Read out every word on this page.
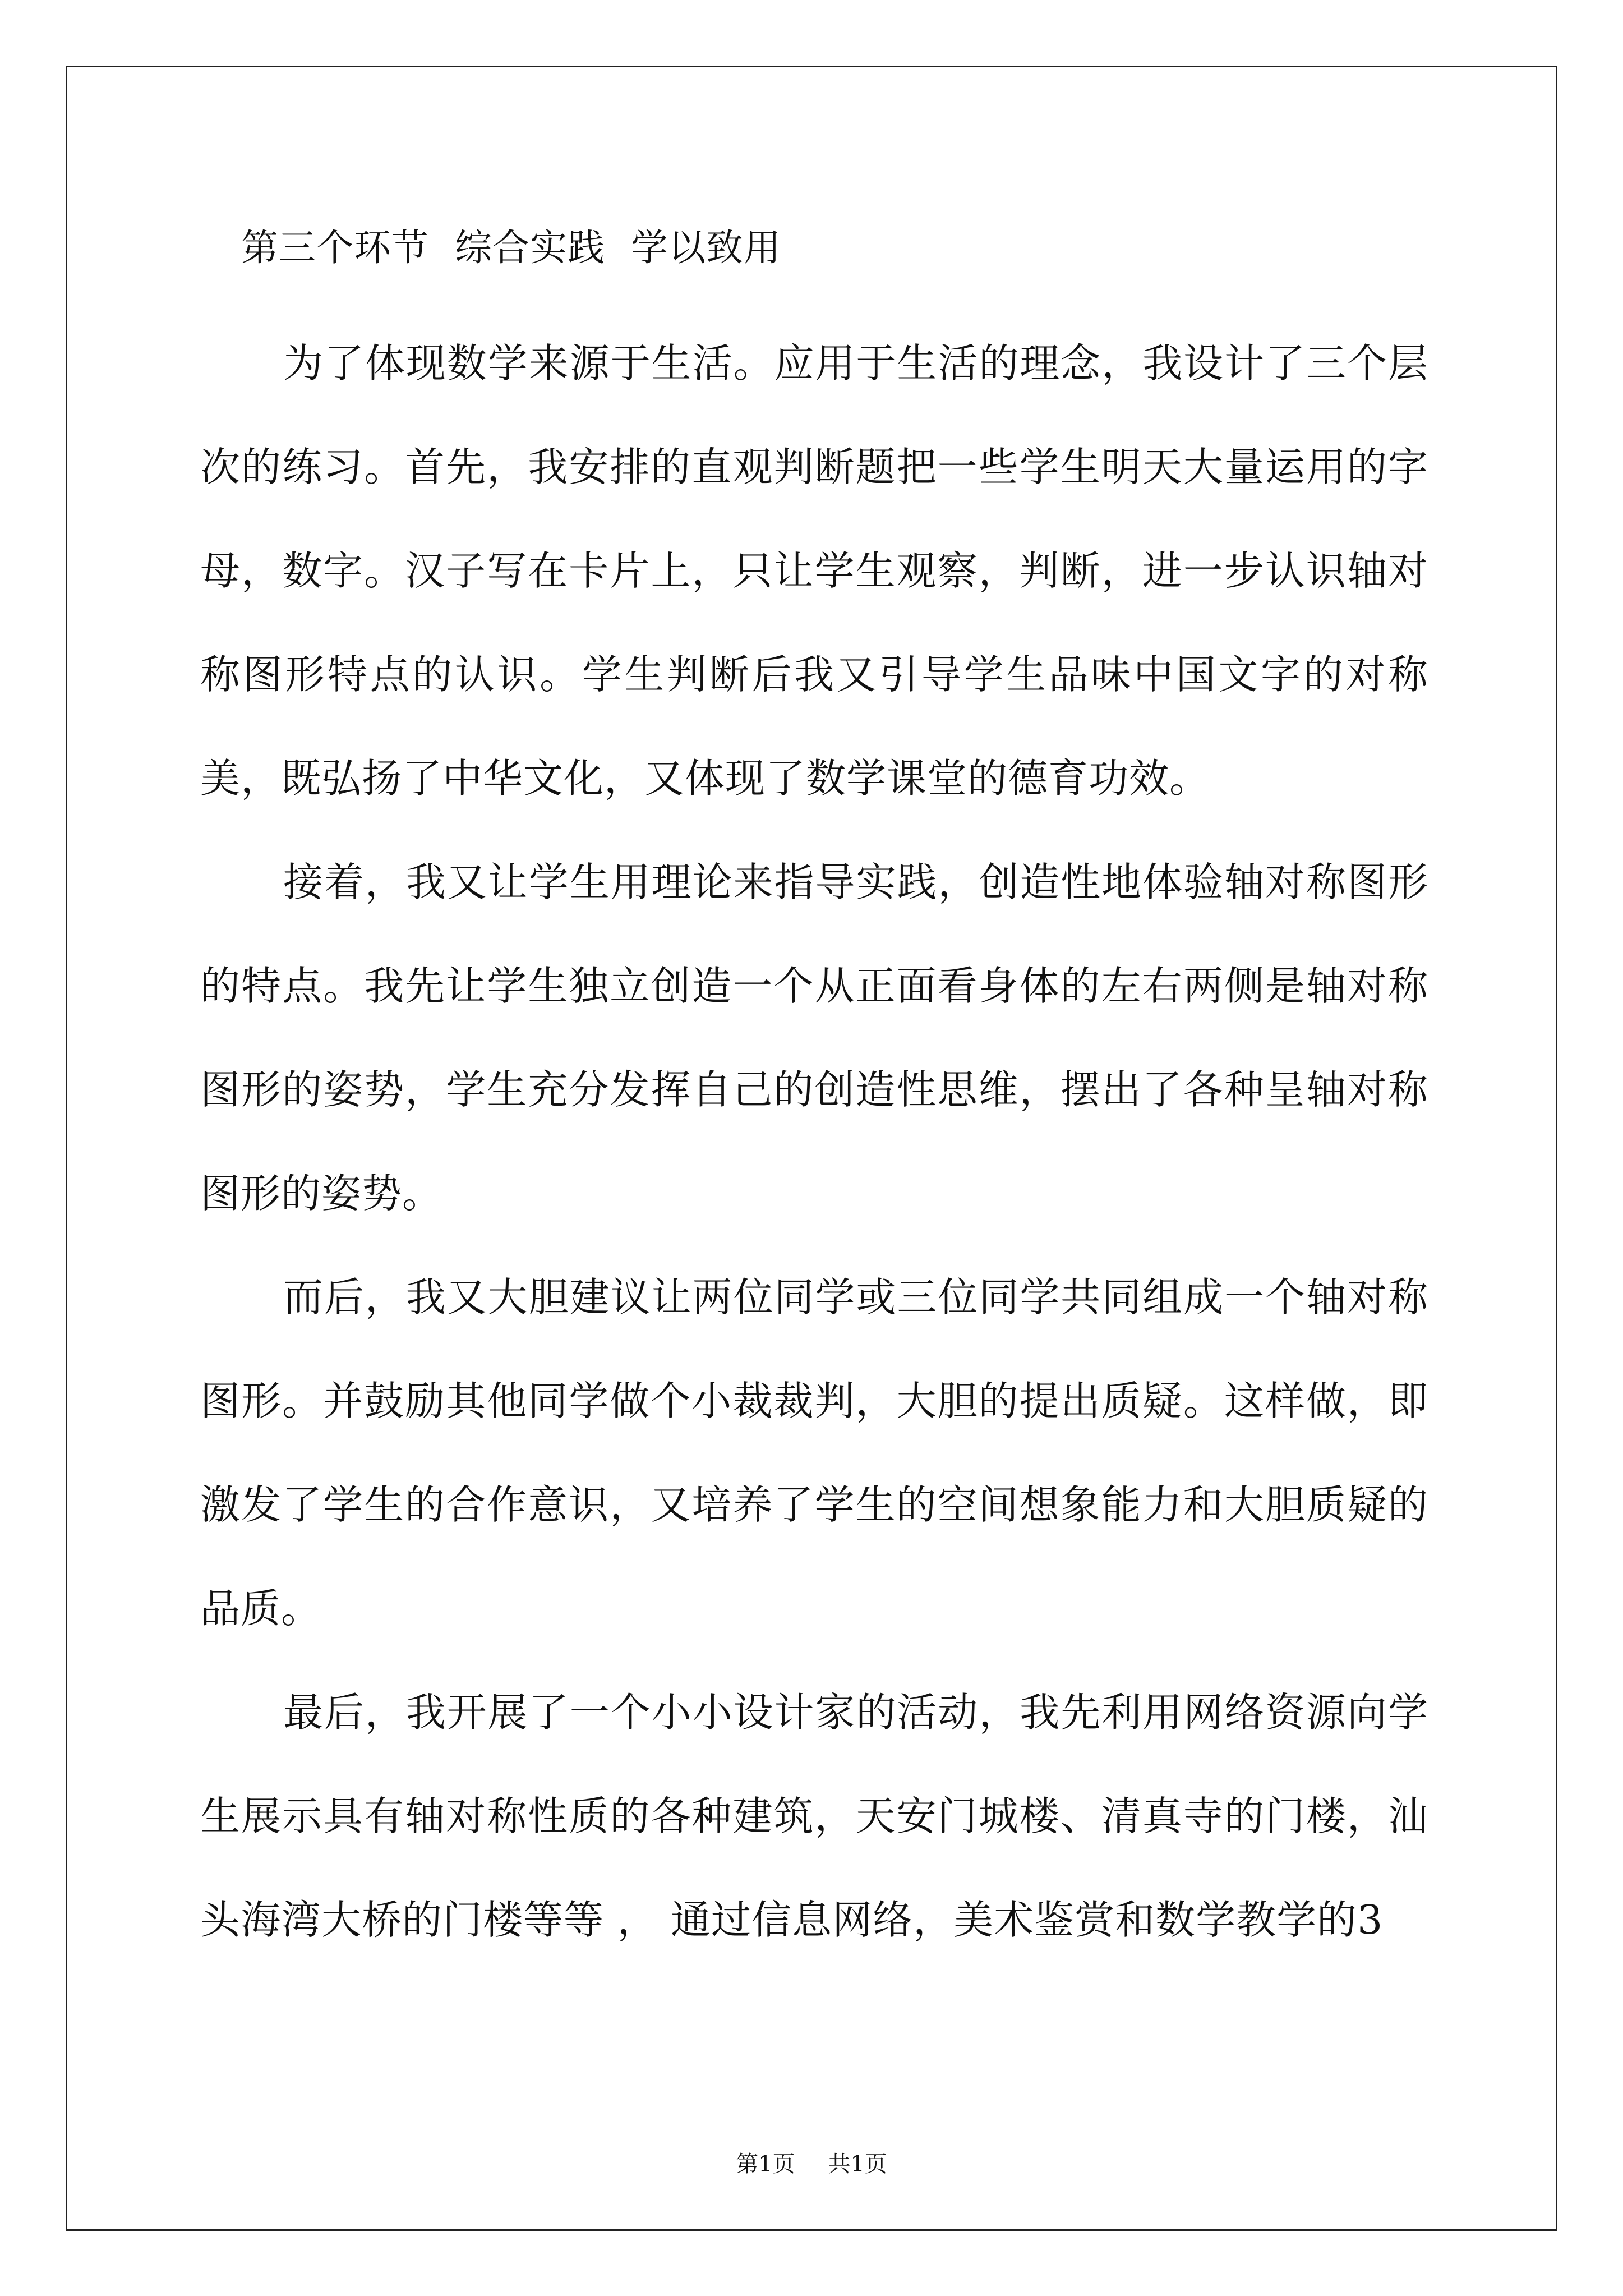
第三个环节 综合实践 学以致用

为了体现数学来源于生活。应用于生活的理念，我设计了三个层次的练习。首先，我安排的直观判断题把一些学生明天大量运用的字母，数字。汉子写在卡片上，只让学生观察，判断，进一步认识轴对称图形特点的认识。学生判断后我又引导学生品味中国文字的对称美，既弘扬了中华文化，又体现了数学课堂的德育功效。

接着，我又让学生用理论来指导实践，创造性地体验轴对称图形的特点。我先让学生独立创造一个从正面看身体的左右两侧是轴对称图形的姿势，学生充分发挥自己的创造性思维，摆出了各种呈轴对称图形的姿势。

而后，我又大胆建议让两位同学或三位同学共同组成一个轴对称图形。并鼓励其他同学做个小裁裁判，大胆的提出质疑。这样做，即激发了学生的合作意识，又培养了学生的空间想象能力和大胆质疑的品质。

最后，我开展了一个小小设计家的活动，我先利用网络资源向学生展示具有轴对称性质的各种建筑，天安门城楼、清真寺的门楼，汕头海湾大桥的门楼等等 ， 通过信息网络，美术鉴赏和数学教学的3

第1页 共1页
